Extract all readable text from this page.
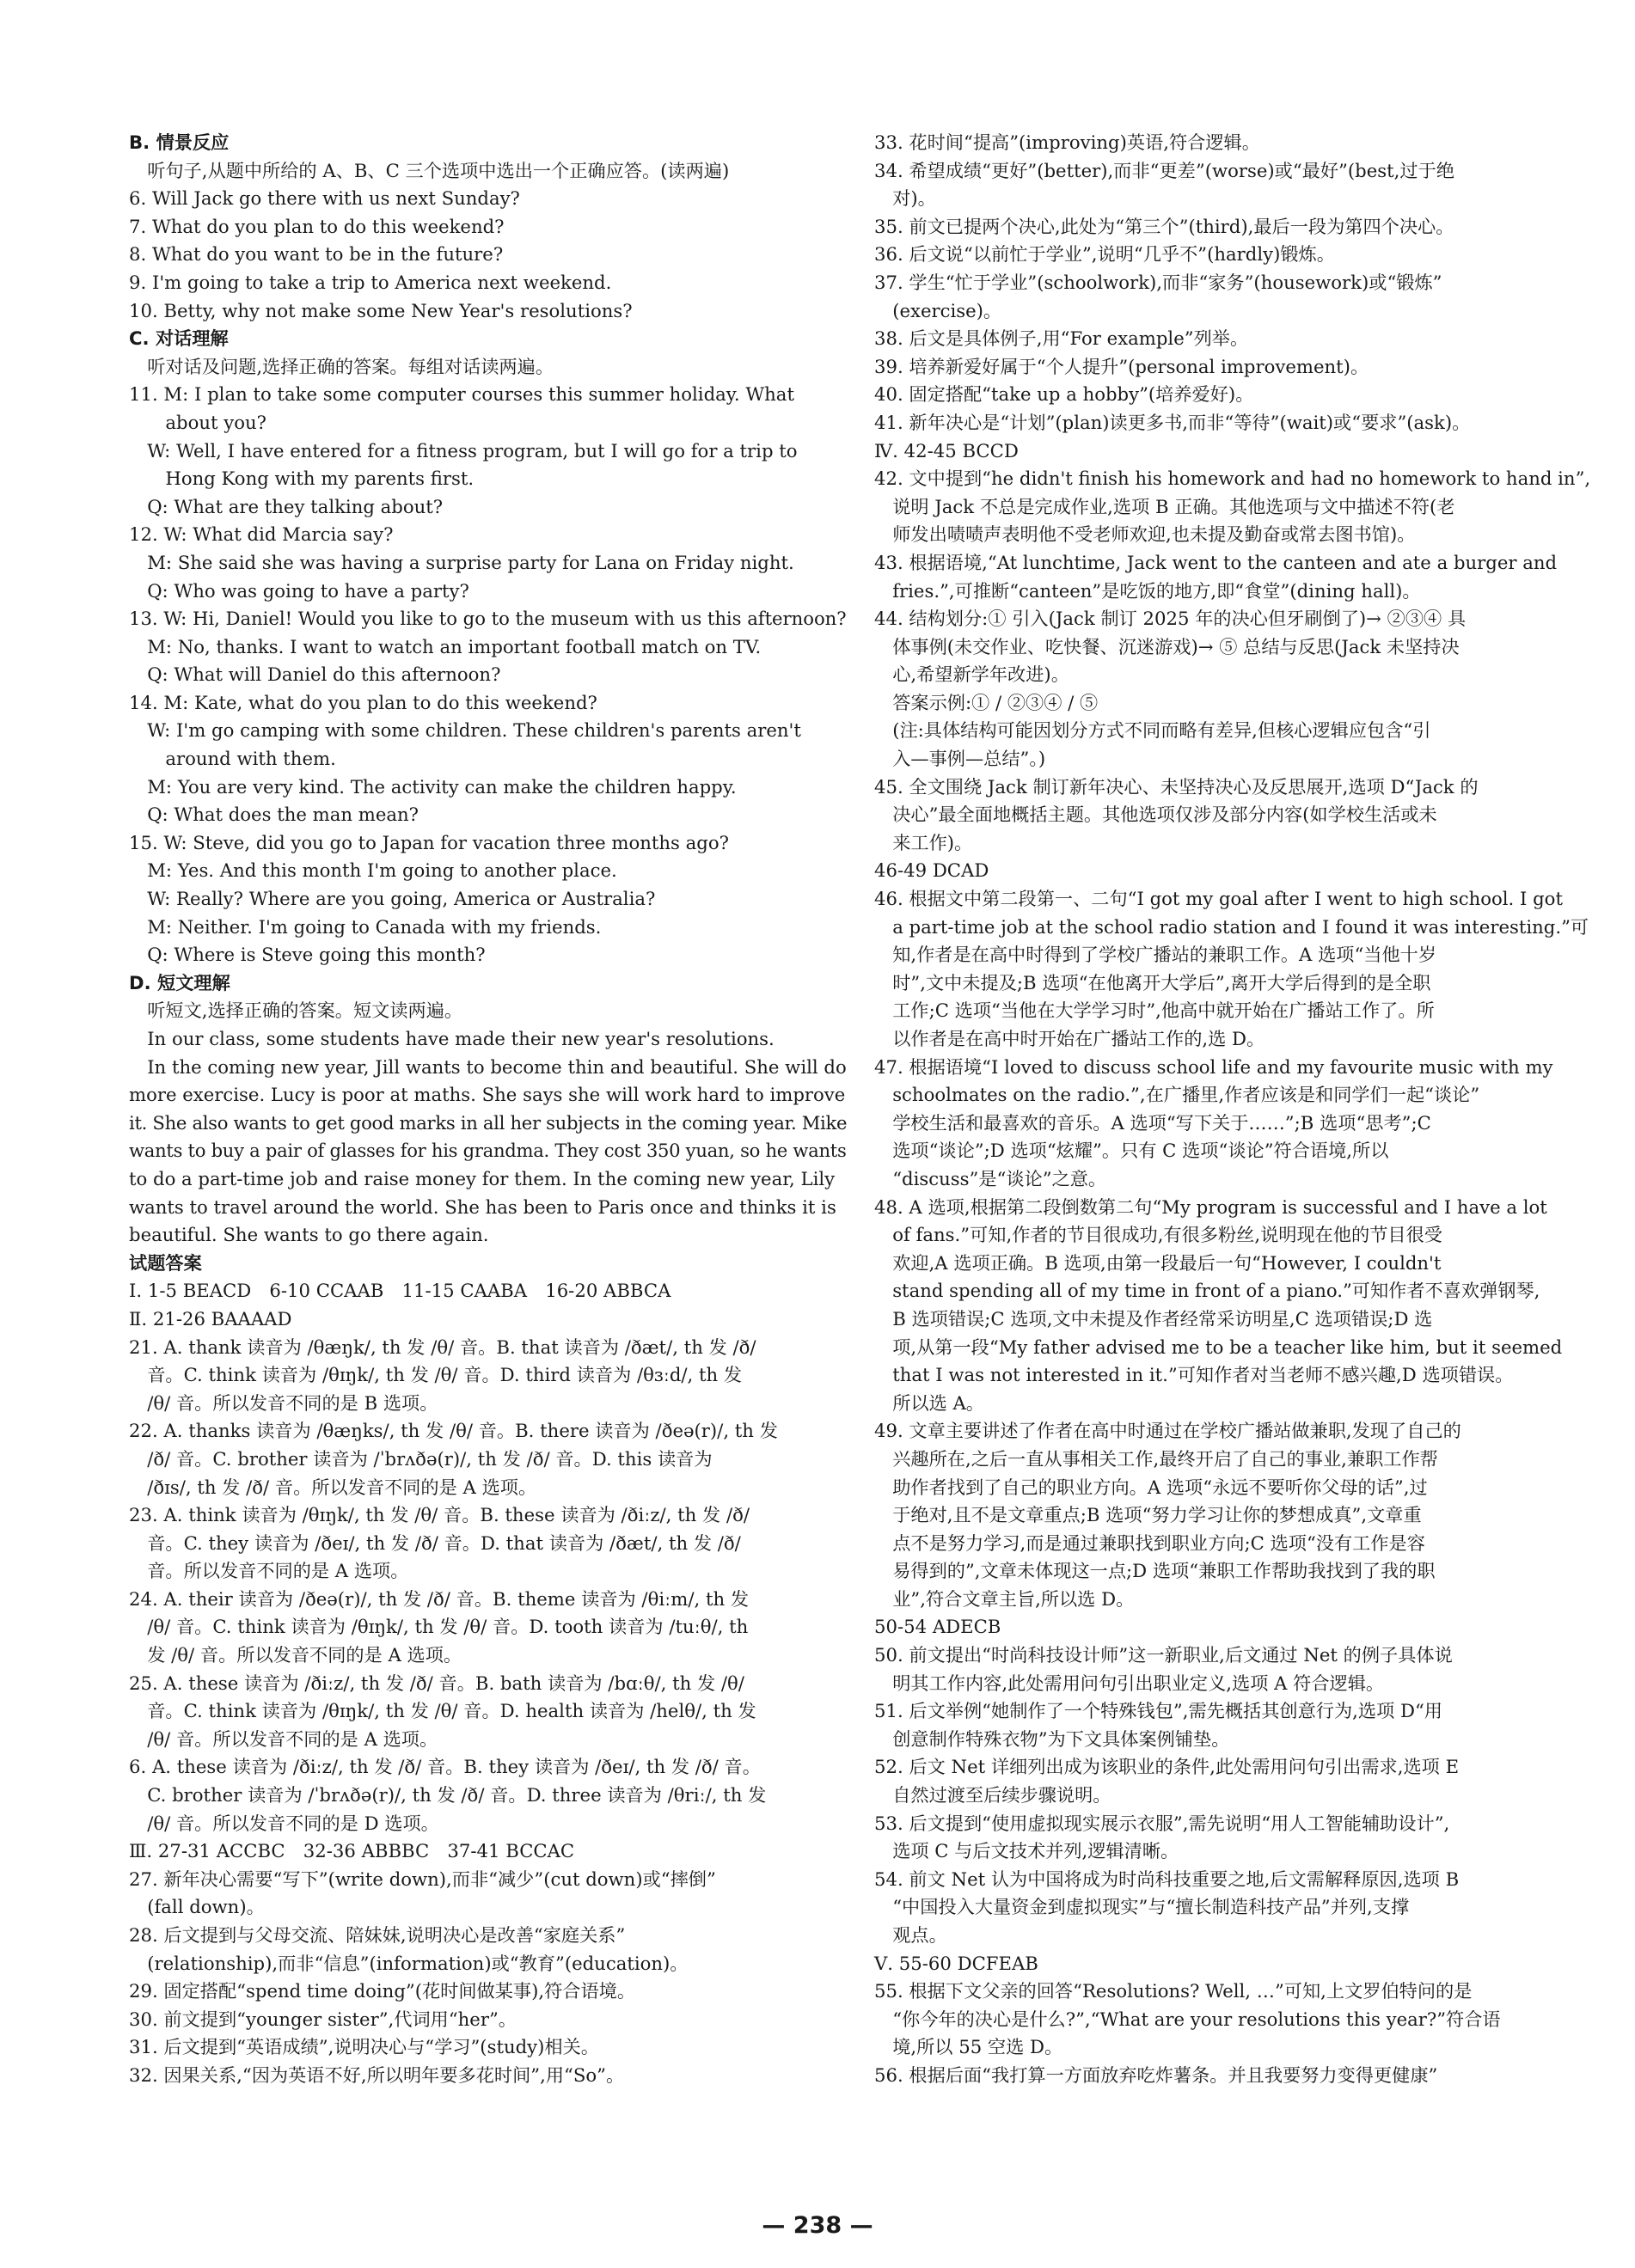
B. 情景反应

　听句子,从题中所给的 A、B、C 三个选项中选出一个正确应答。(读两遍)

6. Will Jack go there with us next Sunday?

7. What do you plan to do this weekend?

8. What do you want to be in the future?

9. I'm going to take a trip to America next weekend.

10. Betty, why not make some New Year's resolutions?

C. 对话理解

　听对话及问题,选择正确的答案。每组对话读两遍。

11. M: I plan to take some computer courses this summer holiday. What

　　about you?

　W: Well, I have entered for a fitness program, but I will go for a trip to

　　Hong Kong with my parents first.

　Q: What are they talking about?

12. W: What did Marcia say?

　M: She said she was having a surprise party for Lana on Friday night.

　Q: Who was going to have a party?

13. W: Hi, Daniel! Would you like to go to the museum with us this afternoon?

　M: No, thanks. I want to watch an important football match on TV.

　Q: What will Daniel do this afternoon?

14. M: Kate, what do you plan to do this weekend?

　W: I'm go camping with some children. These children's parents aren't

　　around with them.

　M: You are very kind. The activity can make the children happy.

　Q: What does the man mean?

15. W: Steve, did you go to Japan for vacation three months ago?

　M: Yes. And this month I'm going to another place.

　W: Really? Where are you going, America or Australia?

　M: Neither. I'm going to Canada with my friends.

　Q: Where is Steve going this month?

D. 短文理解

　听短文,选择正确的答案。短文读两遍。

　In our class, some students have made their new year's resolutions.

　In the coming new year, Jill wants to become thin and beautiful. She will do

more exercise. Lucy is poor at maths. She says she will work hard to improve

it. She also wants to get good marks in all her subjects in the coming year. Mike

wants to buy a pair of glasses for his grandma. They cost 350 yuan, so he wants

to do a part-time job and raise money for them. In the coming new year, Lily

wants to travel around the world. She has been to Paris once and thinks it is

beautiful. She wants to go there again.

试题答案

Ⅰ. 1-5 BEACD　6-10 CCAAB　11-15 CAABA　16-20 ABBCA

Ⅱ. 21-26 BAAAAD

21. A. thank 读音为 /θæŋk/, th 发 /θ/ 音。B. that 读音为 /ðæt/, th 发 /ð/

　音。C. think 读音为 /θɪŋk/, th 发 /θ/ 音。D. third 读音为 /θɜːd/, th 发

　/θ/ 音。所以发音不同的是 B 选项。

22. A. thanks 读音为 /θæŋks/, th 发 /θ/ 音。B. there 读音为 /ðeə(r)/, th 发

　/ð/ 音。C. brother 读音为 /ˈbrʌðə(r)/, th 发 /ð/ 音。D. this 读音为

　/ðɪs/, th 发 /ð/ 音。所以发音不同的是 A 选项。

23. A. think 读音为 /θɪŋk/, th 发 /θ/ 音。B. these 读音为 /ðiːz/, th 发 /ð/

　音。C. they 读音为 /ðeɪ/, th 发 /ð/ 音。D. that 读音为 /ðæt/, th 发 /ð/

　音。所以发音不同的是 A 选项。

24. A. their 读音为 /ðeə(r)/, th 发 /ð/ 音。B. theme 读音为 /θiːm/, th 发

　/θ/ 音。C. think 读音为 /θɪŋk/, th 发 /θ/ 音。D. tooth 读音为 /tuːθ/, th

　发 /θ/ 音。所以发音不同的是 A 选项。

25. A. these 读音为 /ðiːz/, th 发 /ð/ 音。B. bath 读音为 /bɑːθ/, th 发 /θ/

　音。C. think 读音为 /θɪŋk/, th 发 /θ/ 音。D. health 读音为 /helθ/, th 发

　/θ/ 音。所以发音不同的是 A 选项。

6. A. these 读音为 /ðiːz/, th 发 /ð/ 音。B. they 读音为 /ðeɪ/, th 发 /ð/ 音。

　C. brother 读音为 /ˈbrʌðə(r)/, th 发 /ð/ 音。D. three 读音为 /θriː/, th 发

　/θ/ 音。所以发音不同的是 D 选项。

Ⅲ. 27-31 ACCBC　32-36 ABBBC　37-41 BCCAC

27. 新年决心需要“写下”(write down),而非“减少”(cut down)或“摔倒”

　(fall down)。

28. 后文提到与父母交流、陪妹妹,说明决心是改善“家庭关系”

　(relationship),而非“信息”(information)或“教育”(education)。

29. 固定搭配“spend time doing”(花时间做某事),符合语境。

30. 前文提到“younger sister”,代词用“her”。

31. 后文提到“英语成绩”,说明决心与“学习”(study)相关。

32. 因果关系,“因为英语不好,所以明年要多花时间”,用“So”。

33. 花时间“提高”(improving)英语,符合逻辑。

34. 希望成绩“更好”(better),而非“更差”(worse)或“最好”(best,过于绝

　对)。

35. 前文已提两个决心,此处为“第三个”(third),最后一段为第四个决心。

36. 后文说“以前忙于学业”,说明“几乎不”(hardly)锻炼。

37. 学生“忙于学业”(schoolwork),而非“家务”(housework)或“锻炼”

　(exercise)。

38. 后文是具体例子,用“For example”列举。

39. 培养新爱好属于“个人提升”(personal improvement)。

40. 固定搭配“take up a hobby”(培养爱好)。

41. 新年决心是“计划”(plan)读更多书,而非“等待”(wait)或“要求”(ask)。

Ⅳ. 42-45 BCCD

42. 文中提到“he didn't finish his homework and had no homework to hand in”,

　说明 Jack 不总是完成作业,选项 B 正确。其他选项与文中描述不符(老

　师发出啧啧声表明他不受老师欢迎,也未提及勤奋或常去图书馆)。

43. 根据语境,“At lunchtime, Jack went to the canteen and ate a burger and

　fries.”,可推断“canteen”是吃饭的地方,即“食堂”(dining hall)。

44. 结构划分:① 引入(Jack 制订 2025 年的决心但牙刷倒了)→ ②③④ 具

　体事例(未交作业、吃快餐、沉迷游戏)→ ⑤ 总结与反思(Jack 未坚持决

　心,希望新学年改进)。

　答案示例:① / ②③④ / ⑤

　(注:具体结构可能因划分方式不同而略有差异,但核心逻辑应包含“引

　入—事例—总结”。)

45. 全文围绕 Jack 制订新年决心、未坚持决心及反思展开,选项 D“Jack 的

　决心”最全面地概括主题。其他选项仅涉及部分内容(如学校生活或未

　来工作)。

46-49 DCAD

46. 根据文中第二段第一、二句“I got my goal after I went to high school. I got

　a part-time job at the school radio station and I found it was interesting.”可

　知,作者是在高中时得到了学校广播站的兼职工作。A 选项“当他十岁

　时”,文中未提及;B 选项“在他离开大学后”,离开大学后得到的是全职

　工作;C 选项“当他在大学学习时”,他高中就开始在广播站工作了。所

　以作者是在高中时开始在广播站工作的,选 D。

47. 根据语境“I loved to discuss school life and my favourite music with my

　schoolmates on the radio.”,在广播里,作者应该是和同学们一起“谈论”

　学校生活和最喜欢的音乐。A 选项“写下关于……”;B 选项“思考”;C

　选项“谈论”;D 选项“炫耀”。只有 C 选项“谈论”符合语境,所以

　“discuss”是“谈论”之意。

48. A 选项,根据第二段倒数第二句“My program is successful and I have a lot

　of fans.”可知,作者的节目很成功,有很多粉丝,说明现在他的节目很受

　欢迎,A 选项正确。B 选项,由第一段最后一句“However, I couldn't

　stand spending all of my time in front of a piano.”可知作者不喜欢弹钢琴,

　B 选项错误;C 选项,文中未提及作者经常采访明星,C 选项错误;D 选

　项,从第一段“My father advised me to be a teacher like him, but it seemed

　that I was not interested in it.”可知作者对当老师不感兴趣,D 选项错误。

　所以选 A。

49. 文章主要讲述了作者在高中时通过在学校广播站做兼职,发现了自己的

　兴趣所在,之后一直从事相关工作,最终开启了自己的事业,兼职工作帮

　助作者找到了自己的职业方向。A 选项“永远不要听你父母的话”,过

　于绝对,且不是文章重点;B 选项“努力学习让你的梦想成真”,文章重

　点不是努力学习,而是通过兼职找到职业方向;C 选项“没有工作是容

　易得到的”,文章未体现这一点;D 选项“兼职工作帮助我找到了我的职

　业”,符合文章主旨,所以选 D。

50-54 ADECB

50. 前文提出“时尚科技设计师”这一新职业,后文通过 Net 的例子具体说

　明其工作内容,此处需用问句引出职业定义,选项 A 符合逻辑。

51. 后文举例“她制作了一个特殊钱包”,需先概括其创意行为,选项 D“用

　创意制作特殊衣物”为下文具体案例铺垫。

52. 后文 Net 详细列出成为该职业的条件,此处需用问句引出需求,选项 E

　自然过渡至后续步骤说明。

53. 后文提到“使用虚拟现实展示衣服”,需先说明“用人工智能辅助设计”,

　选项 C 与后文技术并列,逻辑清晰。

54. 前文 Net 认为中国将成为时尚科技重要之地,后文需解释原因,选项 B

　“中国投入大量资金到虚拟现实”与“擅长制造科技产品”并列,支撑

　观点。

Ⅴ. 55-60 DCFEAB

55. 根据下文父亲的回答“Resolutions? Well, …”可知,上文罗伯特问的是

　“你今年的决心是什么?”,“What are your resolutions this year?”符合语

　境,所以 55 空选 D。

56. 根据后面“我打算一方面放弃吃炸薯条。并且我要努力变得更健康”

— 238 —
